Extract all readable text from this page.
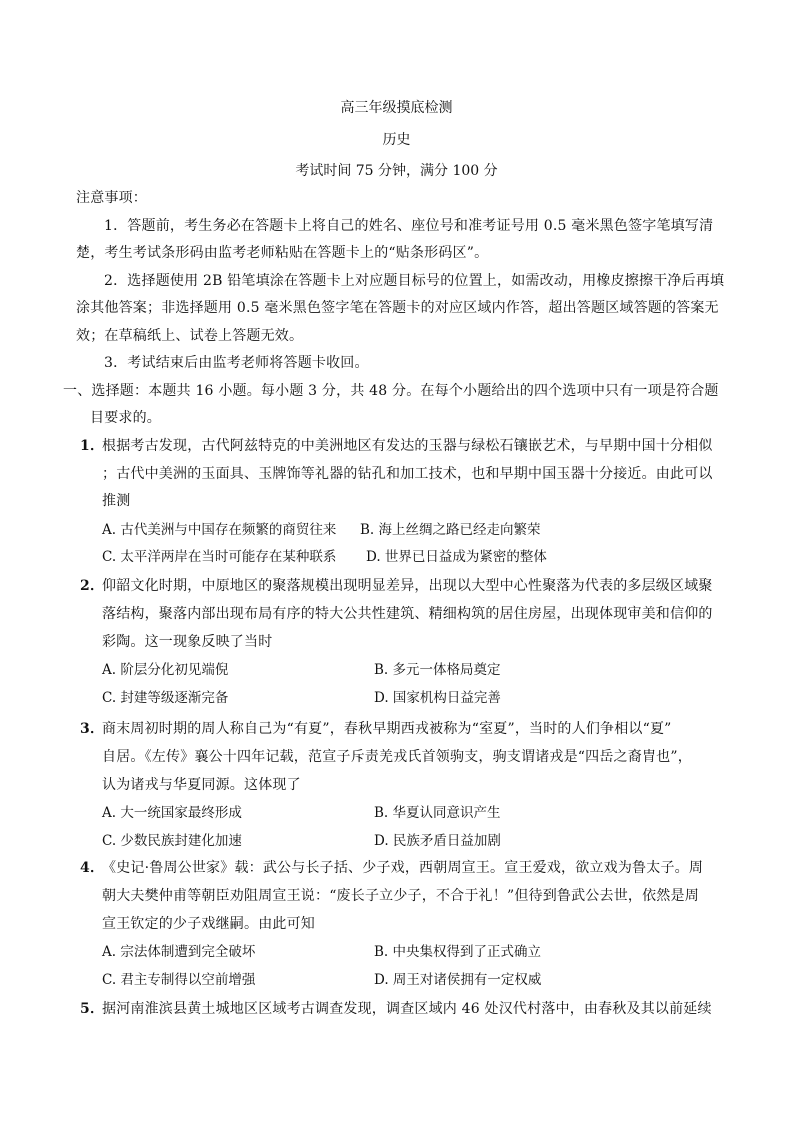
高三年级摸底检测
历史
考试时间 75 分钟，满分 100 分
注意事项：
1．答题前，考生务必在答题卡上将自己的姓名、座位号和准考证号用 0.5 毫米黑色签字笔填写清
楚，考生考试条形码由监考老师粘贴在答题卡上的“贴条形码区”。
2．选择题使用 2B 铅笔填涂在答题卡上对应题目标号的位置上，如需改动，用橡皮擦擦干净后再填
涂其他答案；非选择题用 0.5 毫米黑色签字笔在答题卡的对应区域内作答，超出答题区域答题的答案无
效；在草稿纸上、试卷上答题无效。
3．考试结束后由监考老师将答题卡收回。
一、选择题：本题共 16 小题。每小题 3 分，共 48 分。在每个小题给出的四个选项中只有一项是符合题
目要求的。
1．
根据考古发现，古代阿兹特克的中美洲地区有发达的玉器与绿松石镶嵌艺术，与早期中国十分相似
；古代中美洲的玉面具、玉牌饰等礼器的钻孔和加工技术，也和早期中国玉器十分接近。由此可以
推测
A. 古代美洲与中国存在频繁的商贸往来 B. 海上丝绸之路已经走向繁荣
C. 太平洋两岸在当时可能存在某种联系 D. 世界已日益成为紧密的整体
2．
仰韶文化时期，中原地区的聚落规模出现明显差异，出现以大型中心性聚落为代表的多层级区域聚
落结构，聚落内部出现布局有序的特大公共性建筑、精细构筑的居住房屋，出现体现审美和信仰的
彩陶。这一现象反映了当时
A. 阶层分化初见端倪	B. 多元一体格局奠定
C. 封建等级逐渐完备	D. 国家机构日益完善
3．
商末周初时期的周人称自己为“有夏”，春秋早期西戎被称为“室夏”，当时的人们争相以“夏”
自居。《左传》襄公十四年记载，范宣子斥责羌戎氏首领驹支，驹支谓诸戎是“四岳之裔胄也”，
认为诸戎与华夏同源。这体现了
A. 大一统国家最终形成	B. 华夏认同意识产生
C. 少数民族封建化加速	D. 民族矛盾日益加剧
4．
《史记·鲁周公世家》载：武公与长子括、少子戏，西朝周宣王。宣王爱戏，欲立戏为鲁太子。周
朝大夫樊仲甫等朝臣劝阻周宣王说：“废长子立少子，不合于礼！”但待到鲁武公去世，依然是周
宣王钦定的少子戏继嗣。由此可知
A. 宗法体制遭到完全破坏	B. 中央集权得到了正式确立
C. 君主专制得以空前增强	D. 周王对诸侯拥有一定权威
5．
据河南淮滨县黄土城地区区域考古调查发现，调查区域内 46 处汉代村落中，由春秋及其以前延续
